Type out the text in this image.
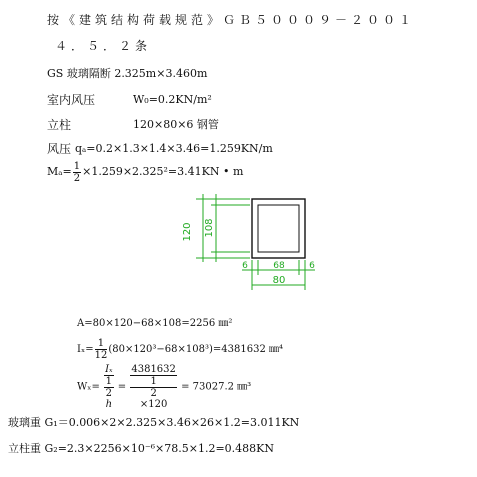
按《建筑结构荷载规范》ＧＢ５０００９－２００１
４．５．２条
GS 玻璃隔断 2.325m×3.460m
室内风压	W₀=0.2KN/m²
立柱	120×80×6 钢管
风压 qₐ=0.2×1.3×1.4×3.46=1.259KN/m
$M_a= \frac{1}{2} \times 1.259\times 2.325^2=3.41KN$ • m
120 108
6	68	6
80
A=80×120−68×108=2256 ㎜²
$I_x= \frac{1}{12} (80\times 120^3-68\times 108^3)=4381632$ ㎜⁴
Wₓ= Iₓ
1
2
h = 4381632
1
2
×120 = 73027.2 ㎜³
玻璃重 G₁＝0.006×2×2.325×3.46×26×1.2=3.011KN
立柱重 G₂=2.3×2256×10⁻⁶×78.5×1.2=0.488KN
